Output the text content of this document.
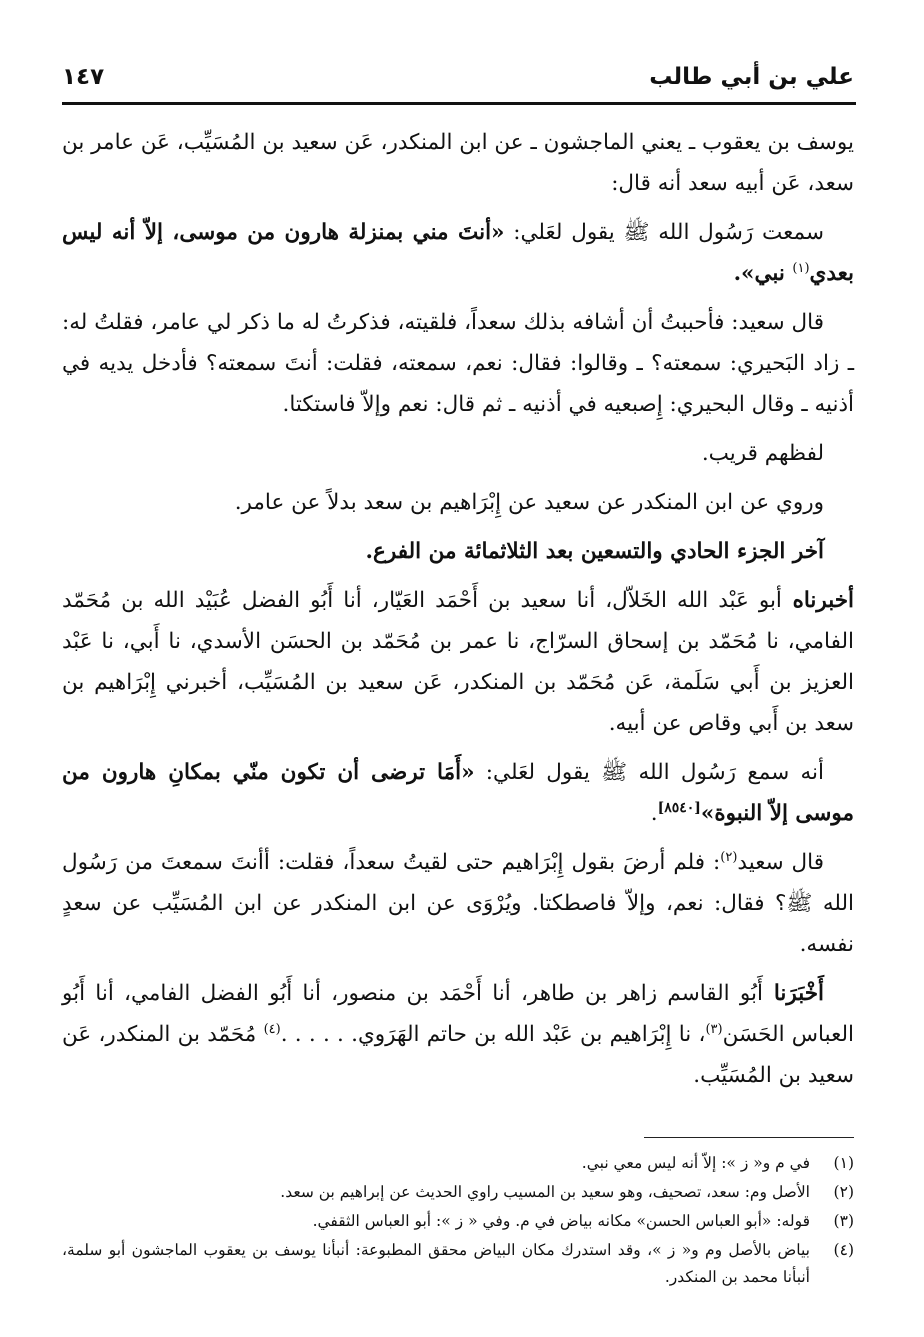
علي بن أبي طالب
١٤٧

يوسف بن يعقوب ـ يعني الماجشون ـ عن ابن المنكدر، عَن سعيد بن المُسَيِّب، عَن عامر بن سعد، عَن أبيه سعد أنه قال:

سمعت رَسُول الله ﷺ يقول لعَلي: «أنتَ مني بمنزلة هارون من موسى، إلاّ أنه ليس بعدي$^{(١)}$ نبي».

قال سعيد: فأحببتُ أن أشافه بذلك سعداً، فلقيته، فذكرتُ له ما ذكر لي عامر، فقلتُ له: ـ زاد البَحيري: سمعته؟ ـ وقالوا: فقال: نعم، سمعته، فقلت: أنتَ سمعته؟ فأدخل يديه في أذنيه ـ وقال البحيري: إِصبعيه في أذنيه ـ ثم قال: نعم وإلاّ فاستكتا.

لفظهم قريب.

وروي عن ابن المنكدر عن سعيد عن إِبْرَاهيم بن سعد بدلاً عن عامر.

آخر الجزء الحادي والتسعين بعد الثلاثمائة من الفرع.

أخبرناه أبو عَبْد الله الخَلاّل، أنا سعيد بن أَحْمَد العَيّار، أنا أَبُو الفضل عُبَيْد الله بن مُحَمّد الفامي، نا مُحَمّد بن إسحاق السرّاج، نا عمر بن مُحَمّد بن الحسَن الأسدي، نا أَبي، نا عَبْد العزيز بن أَبي سَلَمة، عَن مُحَمّد بن المنكدر، عَن سعيد بن المُسَيِّب، أخبرني إِبْرَاهيم بن سعد بن أَبي وقاص عن أبيه.

أنه سمع رَسُول الله ﷺ يقول لعَلي: «أَمَا ترضى أن تكون منّي بمكانِ هارون من موسى إلاّ النبوة»[٨٥٤٠].

قال سعيد$^{(٢)}$: فلم أرضَ بقول إِبْرَاهيم حتى لقيتُ سعداً، فقلت: أأنتَ سمعتَ من رَسُول الله ﷺ؟ فقال: نعم، وإلاّ فاصطكتا. ويُرْوَى عن ابن المنكدر عن ابن المُسَيِّب عن سعدٍ نفسه.

أَخْبَرَنا أَبُو القاسم زاهر بن طاهر، أنا أَحْمَد بن منصور، أنا أَبُو الفضل الفامي، أنا أَبُو العباس الحَسَن$^{(٣)}$، نا إِبْرَاهيم بن عَبْد الله بن حاتم الهَرَوي. . . . . .$^{(٤)}$ مُحَمّد بن المنكدر، عَن سعيد بن المُسَيِّب.

(١)
في م و« ز »: إلاّ أنه ليس معي نبي.
(٢)
الأصل وم: سعد، تصحيف، وهو سعيد بن المسيب راوي الحديث عن إبراهيم بن سعد.
(٣)
قوله: «أبو العباس الحسن» مكانه بياض في م. وفي « ز »: أبو العباس الثقفي.
(٤)
بياض بالأصل وم و« ز »، وقد استدرك مكان البياض محقق المطبوعة: أنبأنا يوسف بن يعقوب الماجشون أبو سلمة، أنبأنا محمد بن المنكدر.
